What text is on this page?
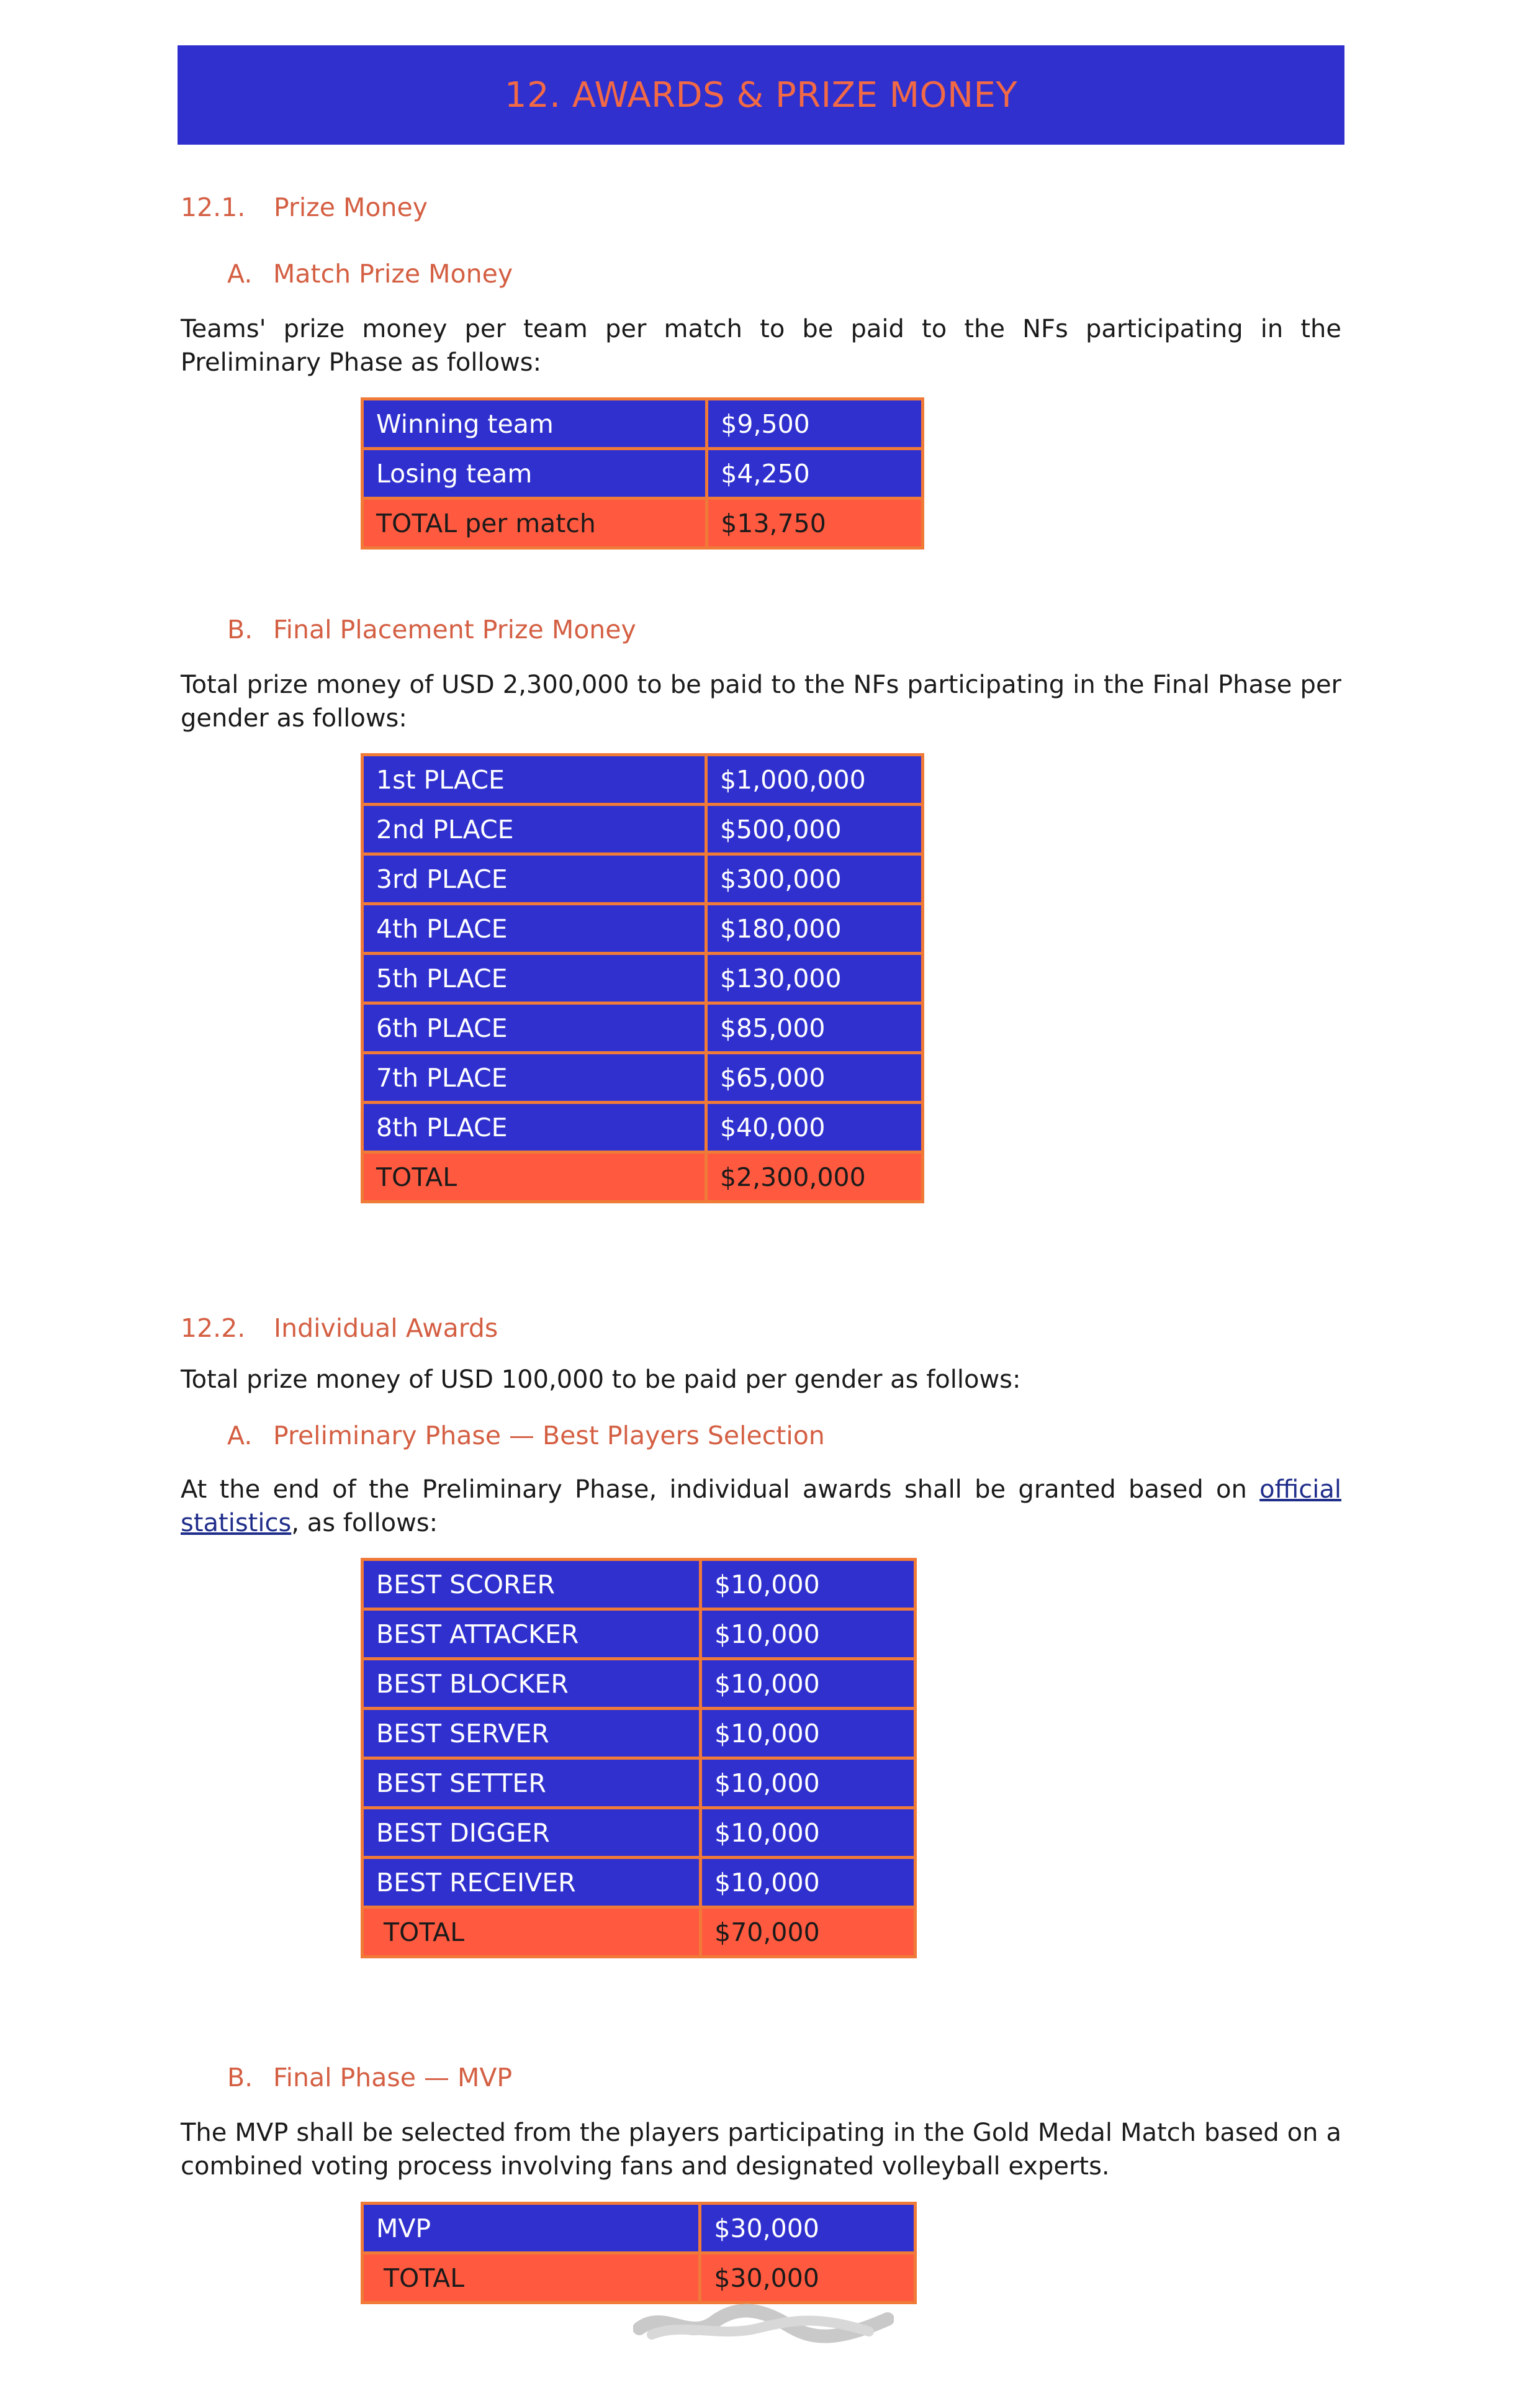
12. AWARDS & PRIZE MONEY
12.1. Prize Money
A. Match Prize Money
Teams' prize money per team per match to be paid to the NFs participating in the Preliminary Phase as follows:
Winning team	$9,500
Losing team	$4,250
TOTAL per match	$13,750
B. Final Placement Prize Money
Total prize money of USD 2,300,000 to be paid to the NFs participating in the Final Phase per gender as follows:
1st PLACE	$1,000,000
2nd PLACE	$500,000
3rd PLACE	$300,000
4th PLACE	$180,000
5th PLACE	$130,000
6th PLACE	$85,000
7th PLACE	$65,000
8th PLACE	$40,000
TOTAL	$2,300,000
12.2. Individual Awards
Total prize money of USD 100,000 to be paid per gender as follows:
A. Preliminary Phase — Best Players Selection
At the end of the Preliminary Phase, individual awards shall be granted based on official statistics, as follows:
BEST SCORER	$10,000
BEST ATTACKER	$10,000
BEST BLOCKER	$10,000
BEST SERVER	$10,000
BEST SETTER	$10,000
BEST DIGGER	$10,000
BEST RECEIVER	$10,000
TOTAL	$70,000
B. Final Phase — MVP
The MVP shall be selected from the players participating in the Gold Medal Match based on a combined voting process involving fans and designated volleyball experts.
MVP	$30,000
TOTAL	$30,000
